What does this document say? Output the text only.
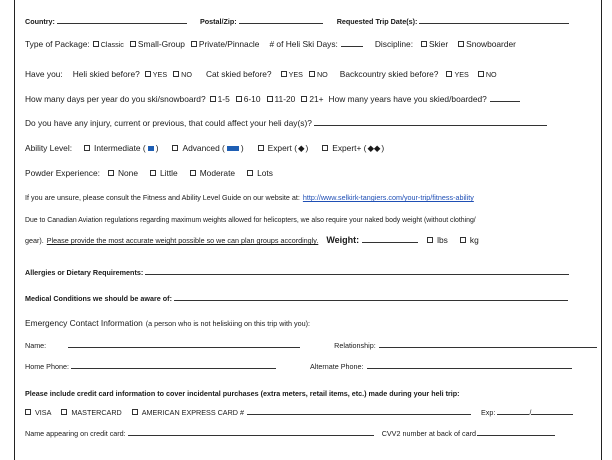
Country:	Postal/Zip:	Requested Trip Date(s):
Type of Package: Classic Small-Group Private/Pinnacle # of Heli Ski Days:	Discipline: Skier Snowboarder
Have you: Heli skied before? YES NO Cat skied before? YES NO Backcountry skied before? YES NO
How many days per year do you ski/snowboard? 1-5 6-10 11-20 21+ How many years have you skied/boarded?
Do you have any injury, current or previous, that could affect your heli day(s)?
Ability Level:	Intermediate ( )	Advanced ( )	Expert ( ◆ )	Expert+ ( ◆◆ )
Powder Experience: None	Little	Moderate	Lots
If you are unsure, please consult the Fitness and Ability Level Guide on our website at: http://www.selkirk-tangiers.com/your-trip/fitness-ability
Due to Canadian Aviation regulations regarding maximum weights allowed for helicopters, we also require your naked body weight (without clothing/
gear). Please provide the most accurate weight possible so we can plan groups accordingly. Weight:	lbs	kg
Allergies or Dietary Requirements:
Medical Conditions we should be aware of:
Emergency Contact Information (a person who is not heliskiing on this trip with you):
Name:	Relationship:
Home Phone:	Alternate Phone:
Please include credit card information to cover incidental purchases (extra meters, retail items, etc.) made during your heli trip:
VISA	MASTERCARD	AMERICAN EXPRESS CARD #	Exp:	/
Name appearing on credit card:	CVV2 number at back of card
